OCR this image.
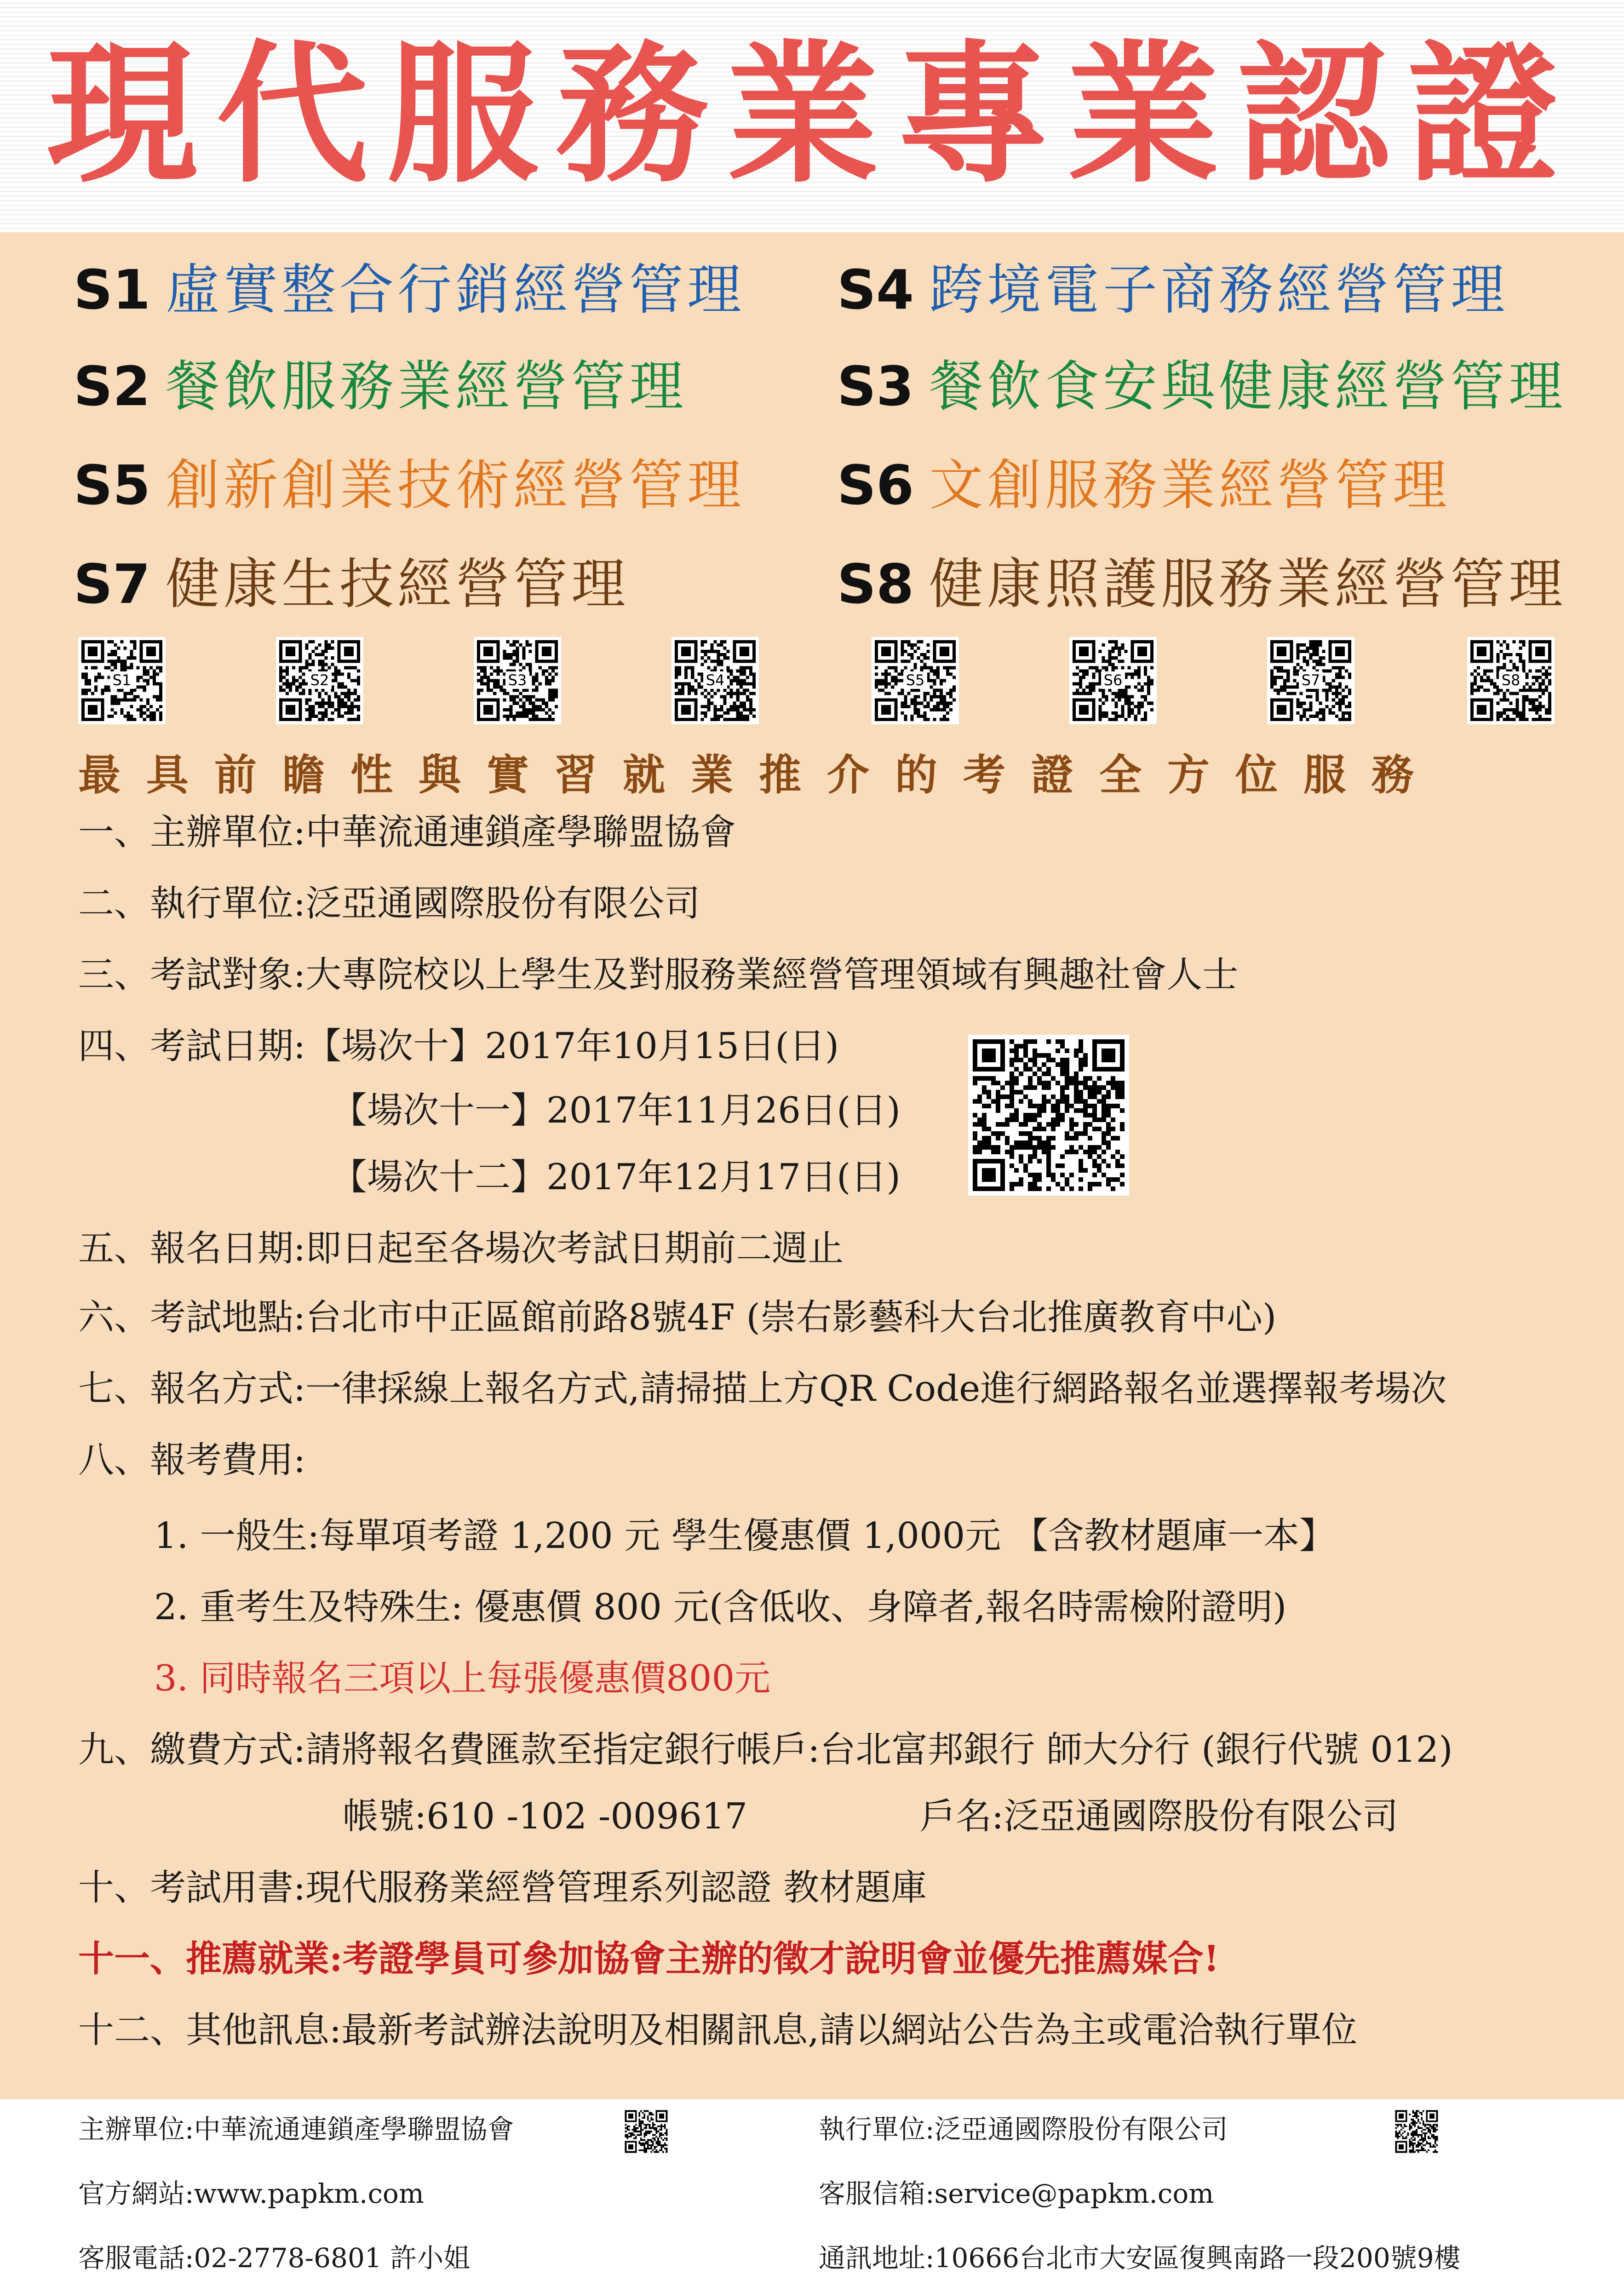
現代服務業專業認證
S1 虛實整合行銷經營管理 S4 跨境電子商務經營管理
S2 餐飲服務業經營管理	S3 餐飲食安與健康經營管理
S5 創新創業技術經營管理 S6 文創服務業經營管理
S7 健康生技經營管理	S8 健康照護服務業經營管理
S1	S2	S3	S4	S5	S6	S7	S8
最具前瞻性與實習就業推介的考證全方位服務
一、主辦單位:中華流通連鎖產學聯盟協會
二、執行單位:泛亞通國際股份有限公司
三、考試對象:大專院校以上學生及對服務業經營管理領域有興趣社會人士
四、考試日期:【場次十】2017年10月15日(日)
【場次十一】2017年11月26日(日)
【場次十二】2017年12月17日(日)
五、報名日期:即日起至各場次考試日期前二週止
六、考試地點:台北市中正區館前路8號4F (崇右影藝科大台北推廣教育中心)
七、報名方式:一律採線上報名方式,請掃描上方QR Code進行網路報名並選擇報考場次
八、報考費用:
1. 一般生:每單項考證 1,200 元 學生優惠價 1,000元 【含教材題庫一本】
2. 重考生及特殊生: 優惠價 800 元(含低收、身障者,報名時需檢附證明)
3. 同時報名三項以上每張優惠價800元
九、繳費方式:請將報名費匯款至指定銀行帳戶:台北富邦銀行 師大分行 (銀行代號 012)
帳號:610 -102 -009617	戶名:泛亞通國際股份有限公司
十、考試用書:現代服務業經營管理系列認證 教材題庫
十一、推薦就業:考證學員可參加協會主辦的徵才說明會並優先推薦媒合!
十二、其他訊息:最新考試辦法說明及相關訊息,請以網站公告為主或電洽執行單位
主辦單位:中華流通連鎖產學聯盟協會	執行單位:泛亞通國際股份有限公司
官方網站:www.papkm.com	客服信箱:service@papkm.com
客服電話:02-2778-6801 許小姐	通訊地址:10666台北市大安區復興南路一段200號9樓
